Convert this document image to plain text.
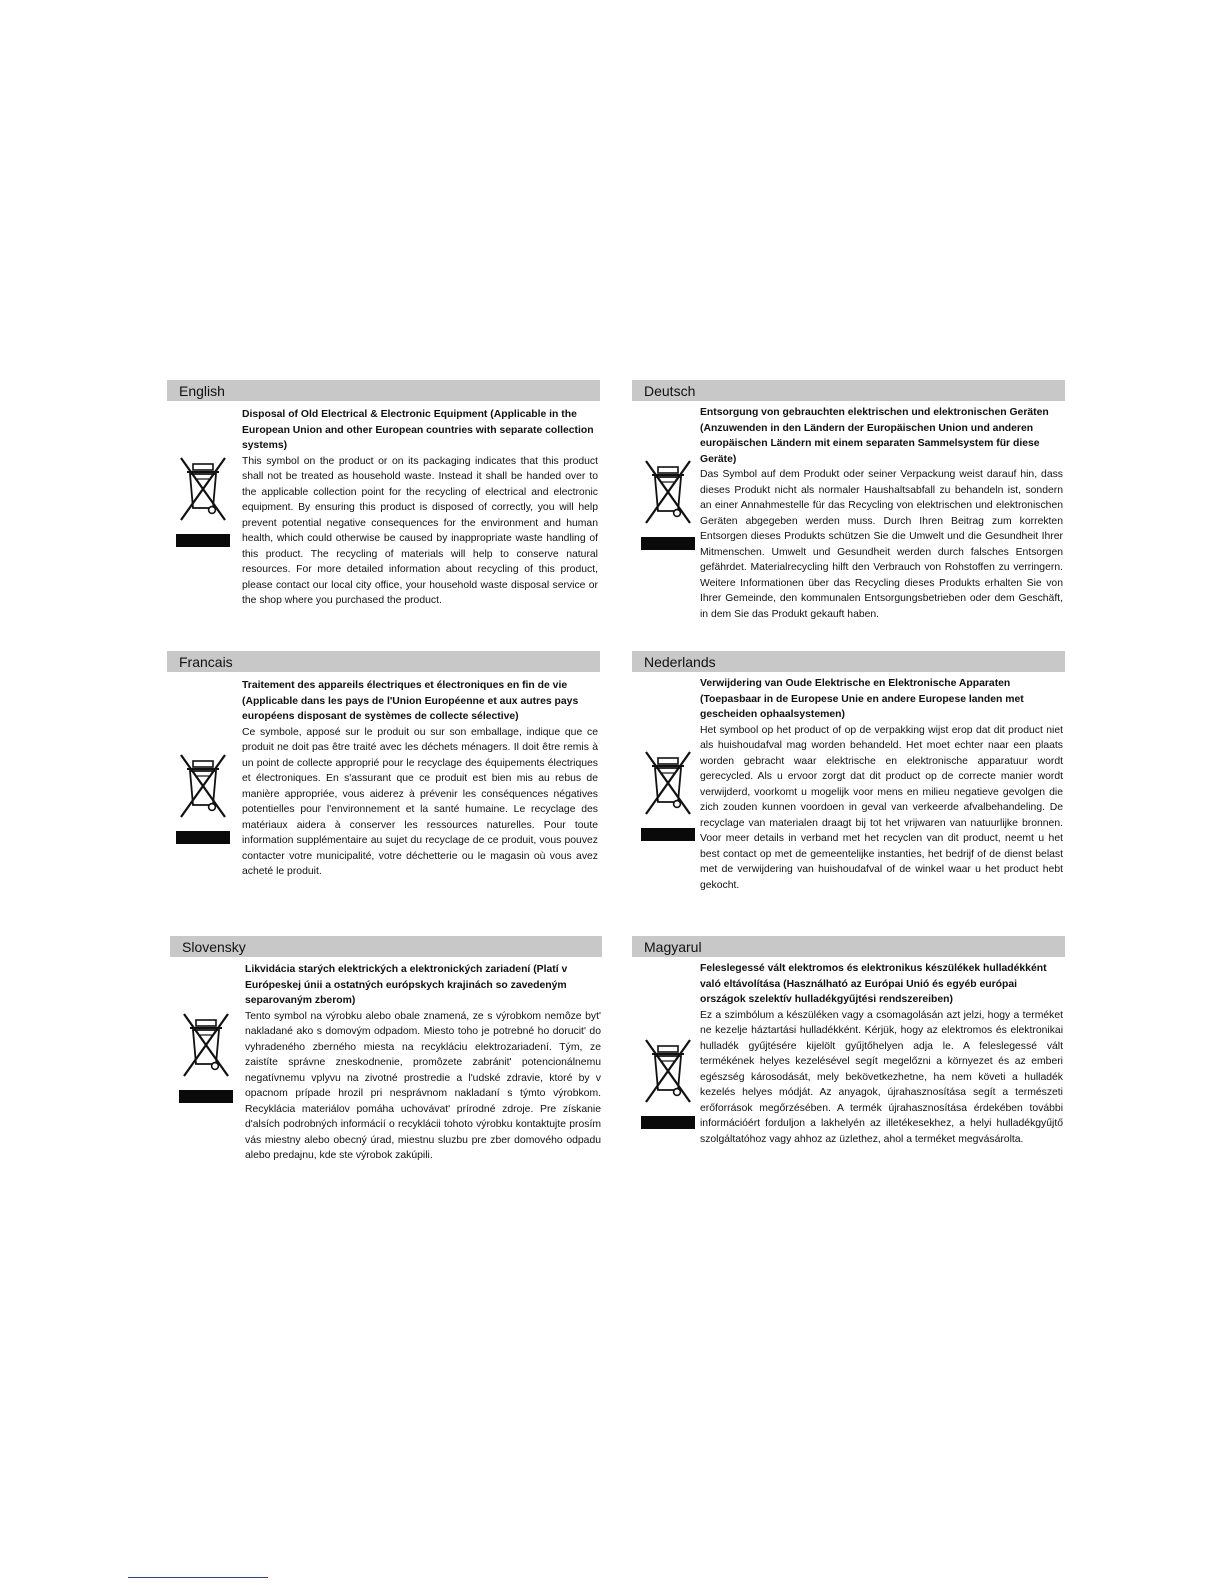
English
Disposal of Old Electrical & Electronic Equipment (Applicable in the European Union and other European countries with separate collection systems)

This symbol on the product or on its packaging indicates that this product shall not be treated as household waste. Instead it shall be handed over to the applicable collection point for the recycling of electrical and electronic equipment. By ensuring this product is disposed of correctly, you will help prevent potential negative consequences for the environment and human health, which could otherwise be caused by inappropriate waste handling of this product. The recycling of materials will help to conserve natural resources. For more detailed information about recycling of this product, please contact our local city office, your household waste disposal service or the shop where you purchased the product.

Deutsch
Entsorgung von gebrauchten elektrischen und elektronischen Geräten (Anzuwenden in den Ländern der Europäischen Union und anderen europäischen Ländern mit einem separaten Sammelsystem für diese Geräte)

Das Symbol auf dem Produkt oder seiner Verpackung weist darauf hin, dass dieses Produkt nicht als normaler Haushaltsabfall zu behandeln ist, sondern an einer Annahmestelle für das Recycling von elektrischen und elektronischen Geräten abgegeben werden muss. Durch Ihren Beitrag zum korrekten Entsorgen dieses Produkts schützen Sie die Umwelt und die Gesundheit Ihrer Mitmenschen. Umwelt und Gesundheit werden durch falsches Entsorgen gefährdet. Materialrecycling hilft den Verbrauch von Rohstoffen zu verringern. Weitere Informationen über das Recycling dieses Produkts erhalten Sie von Ihrer Gemeinde, den kommunalen Entsorgungsbetrieben oder dem Geschäft, in dem Sie das Produkt gekauft haben.

Francais
Traitement des appareils électriques et électroniques en fin de vie (Applicable dans les pays de l'Union Européenne et aux autres pays européens disposant de systèmes de collecte sélective)

Ce symbole, apposé sur le produit ou sur son emballage, indique que ce produit ne doit pas être traité avec les déchets ménagers. Il doit être remis à un point de collecte approprié pour le recyclage des équipements électriques et électroniques. En s'assurant que ce produit est bien mis au rebus de manière appropriée, vous aiderez à prévenir les conséquences négatives potentielles pour l'environnement et la santé humaine. Le recyclage des matériaux aidera à conserver les ressources naturelles. Pour toute information supplémentaire au sujet du recyclage de ce produit, vous pouvez contacter votre municipalité, votre déchetterie ou le magasin où vous avez acheté le produit.

Nederlands
Verwijdering van Oude Elektrische en Elektronische Apparaten (Toepasbaar in de Europese Unie en andere Europese landen met gescheiden ophaalsystemen)

Het symbool op het product of op de verpakking wijst erop dat dit product niet als huishoudafval mag worden behandeld. Het moet echter naar een plaats worden gebracht waar elektrische en elektronische apparatuur wordt gerecycled. Als u ervoor zorgt dat dit product op de correcte manier wordt verwijderd, voorkomt u mogelijk voor mens en milieu negatieve gevolgen die zich zouden kunnen voordoen in geval van verkeerde afvalbehandeling. De recyclage van materialen draagt bij tot het vrijwaren van natuurlijke bronnen. Voor meer details in verband met het recyclen van dit product, neemt u het best contact op met de gemeentelijke instanties, het bedrijf of de dienst belast met de verwijdering van huishoudafval of de winkel waar u het product hebt gekocht.

Slovensky
Likvidácia starých elektrických a elektronických zariadení (Platí v Európeskej únii a ostatných európskych krajinách so zavedeným separovaným zberom)

Tento symbol na výrobku alebo obale znamená, ze s výrobkom nemôze byt' nakladané ako s domovým odpadom. Miesto toho je potrebné ho dorucit' do vyhradeného zberného miesta na recykláciu elektrozariadení. Tým, ze zaistíte správne zneskodnenie, promôzete zabránit' potencionálnemu negatívnemu vplyvu na zivotné prostredie a l'udské zdravie, ktoré by v opacnom prípade hrozil pri nesprávnom nakladaní s týmto výrobkom. Recyklácia materiálov pomáha uchovávat' prírodné zdroje. Pre získanie d'alsích podrobných informácií o recyklácii tohoto výrobku kontaktujte prosím vás miestny alebo obecný úrad, miestnu sluzbu pre zber domového odpadu alebo predajnu, kde ste výrobok zakúpili.

Magyarul
Feleslegessé vált elektromos és elektronikus készülékek hulladékként való eltávolítása (Használható az Európai Unió és egyéb európai országok szelektív hulladékgyűjtési rendszereiben)

Ez a szimbólum a készüléken vagy a csomagolásán azt jelzi, hogy a terméket ne kezelje háztartási hulladékként. Kérjük, hogy az elektromos és elektronikai hulladék gyűjtésére kijelölt gyűjtőhelyen adja le. A feleslegessé vált termékének helyes kezelésével segít megelőzni a környezet és az emberi egészség károsodását, mely bekövetkezhetne, ha nem követi a hulladék kezelés helyes módját. Az anyagok, újrahasznosítása segít a természeti erőforrások megőrzésében. A termék újrahasznosítása érdekében további információért forduljon a lakhelyén az illetékesekhez, a helyi hulladékgyűjtő szolgáltatóhoz vagy ahhoz az üzlethez, ahol a terméket megvásárolta.
